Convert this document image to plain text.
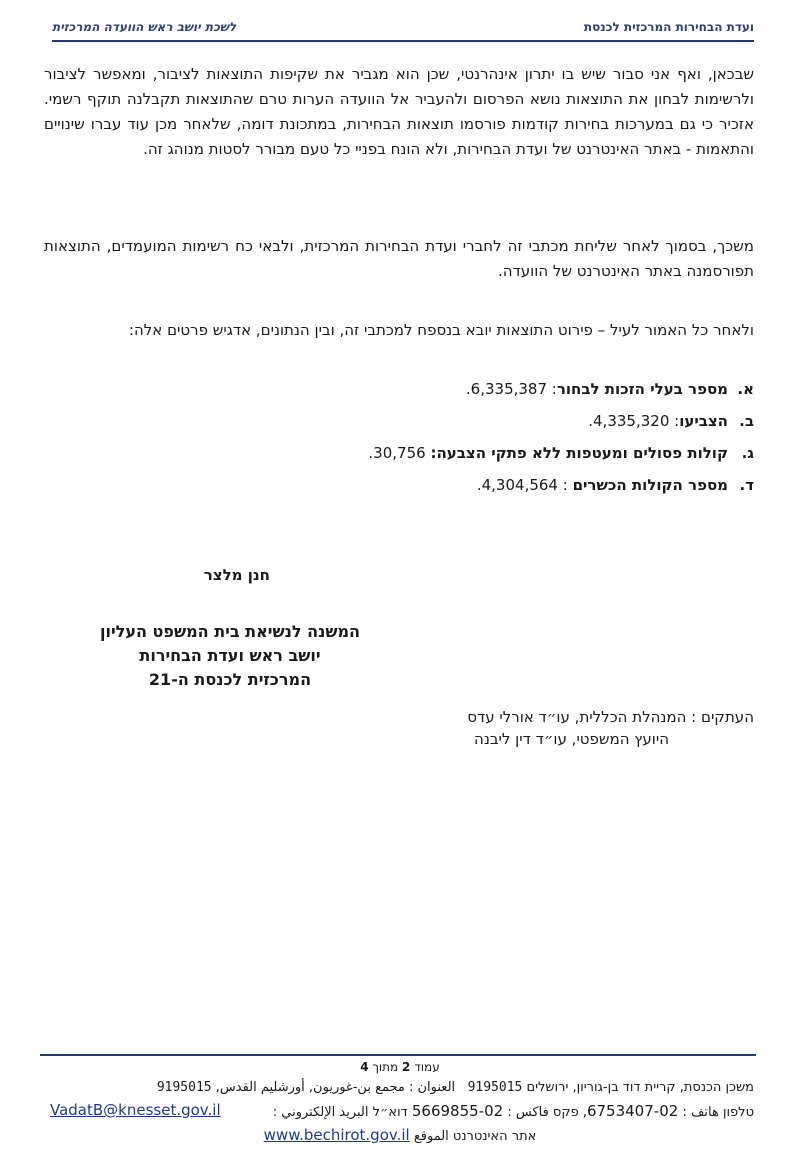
ועדת הבחירות המרכזית לכנסת
לשכת יושב ראש הוועדה המרכזית
שבכאן, ואף אני סבור שיש בו יתרון אינהרנטי, שכן הוא מגביר את שקיפות התוצאות לציבור, ומאפשר לציבור ולרשימות לבחון את התוצאות נושא הפרסום ולהעביר אל הוועדה הערות טרם שהתוצאות תקבלנה תוקף רשמי. אזכיר כי גם במערכות בחירות קודמות פורסמו תוצאות הבחירות, במתכונת דומה, שלאחר מכן עוד עברו שינויים והתאמות - באתר האינטרנט של ועדת הבחירות, ולא הונח בפניי כל טעם מבורר לסטות מנוהג זה.
משכך, בסמוך לאחר שליחת מכתבי זה לחברי ועדת הבחירות המרכזית, ולבאי כח רשימות המועמדים, התוצאות תפורסמנה באתר האינטרנט של הוועדה.
ולאחר כל האמור לעיל – פירוט התוצאות יובא בנספח למכתבי זה, ובין הנתונים, אדגיש פרטים אלה:
א.מספר בעלי הזכות לבחור: 6,335,387.
ב.הצביעו: 4,335,320.
ג.קולות פסולים ומעטפות ללא פתקי הצבעה: 30,756.
ד.מספר הקולות הכשרים : 4,304,564.
חנן מלצר
המשנה לנשיאת בית המשפט העליון
יושב ראש ועדת הבחירות
המרכזית לכנסת ה-21
העתקים : המנהלת הכללית, עו״ד אורלי עדס
היועץ המשפטי, עו״ד דין ליבנה
עמוד 2 מתוך 4
משכן הכנסת, קריית דוד בן-גוריון, ירושלים 9195015   العنوان : مجمع بن-غوريون, أورشليم القدس, 9195015
טלפון هاتف : 02-6753407, פקס فاكس : 02-5669855 דוא״ל البريد الإلكتروني :
VadatB@knesset.gov.il
אתר האינטרנט الموقع www.bechirot.gov.il
